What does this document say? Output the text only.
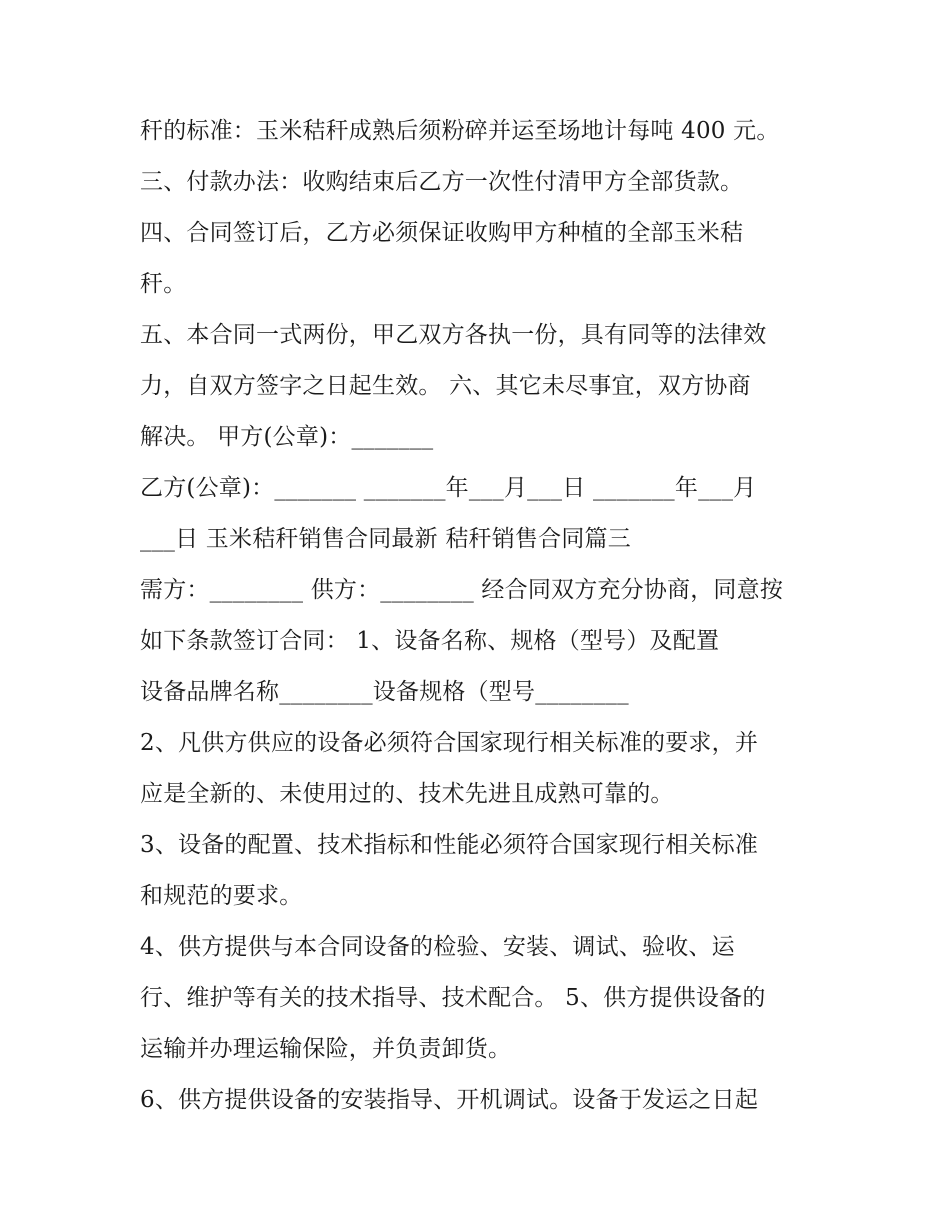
秆的标准：玉米秸秆成熟后须粉碎并运至场地计每吨 400 元。
三、付款办法：收购结束后乙方一次性付清甲方全部货款。
四、合同签订后，乙方必须保证收购甲方种植的全部玉米秸
秆。
五、本合同一式两份，甲乙双方各执一份，具有同等的法律效
力，自双方签字之日起生效。 六、其它未尽事宜，双方协商
解决。 甲方(公章)：_______
乙方(公章)：_______ _______年___月___日 _______年___月
___日 玉米秸秆销售合同最新 秸秆销售合同篇三
需方：________ 供方：________ 经合同双方充分协商，同意按
如下条款签订合同： 1、设备名称、规格（型号）及配置
设备品牌名称________设备规格（型号________
2、凡供方供应的设备必须符合国家现行相关标准的要求，并
应是全新的、未使用过的、技术先进且成熟可靠的。
3、设备的配置、技术指标和性能必须符合国家现行相关标准
和规范的要求。
4、供方提供与本合同设备的检验、安装、调试、验收、运
行、维护等有关的技术指导、技术配合。 5、供方提供设备的
运输并办理运输保险，并负责卸货。
6、供方提供设备的安装指导、开机调试。设备于发运之日起
